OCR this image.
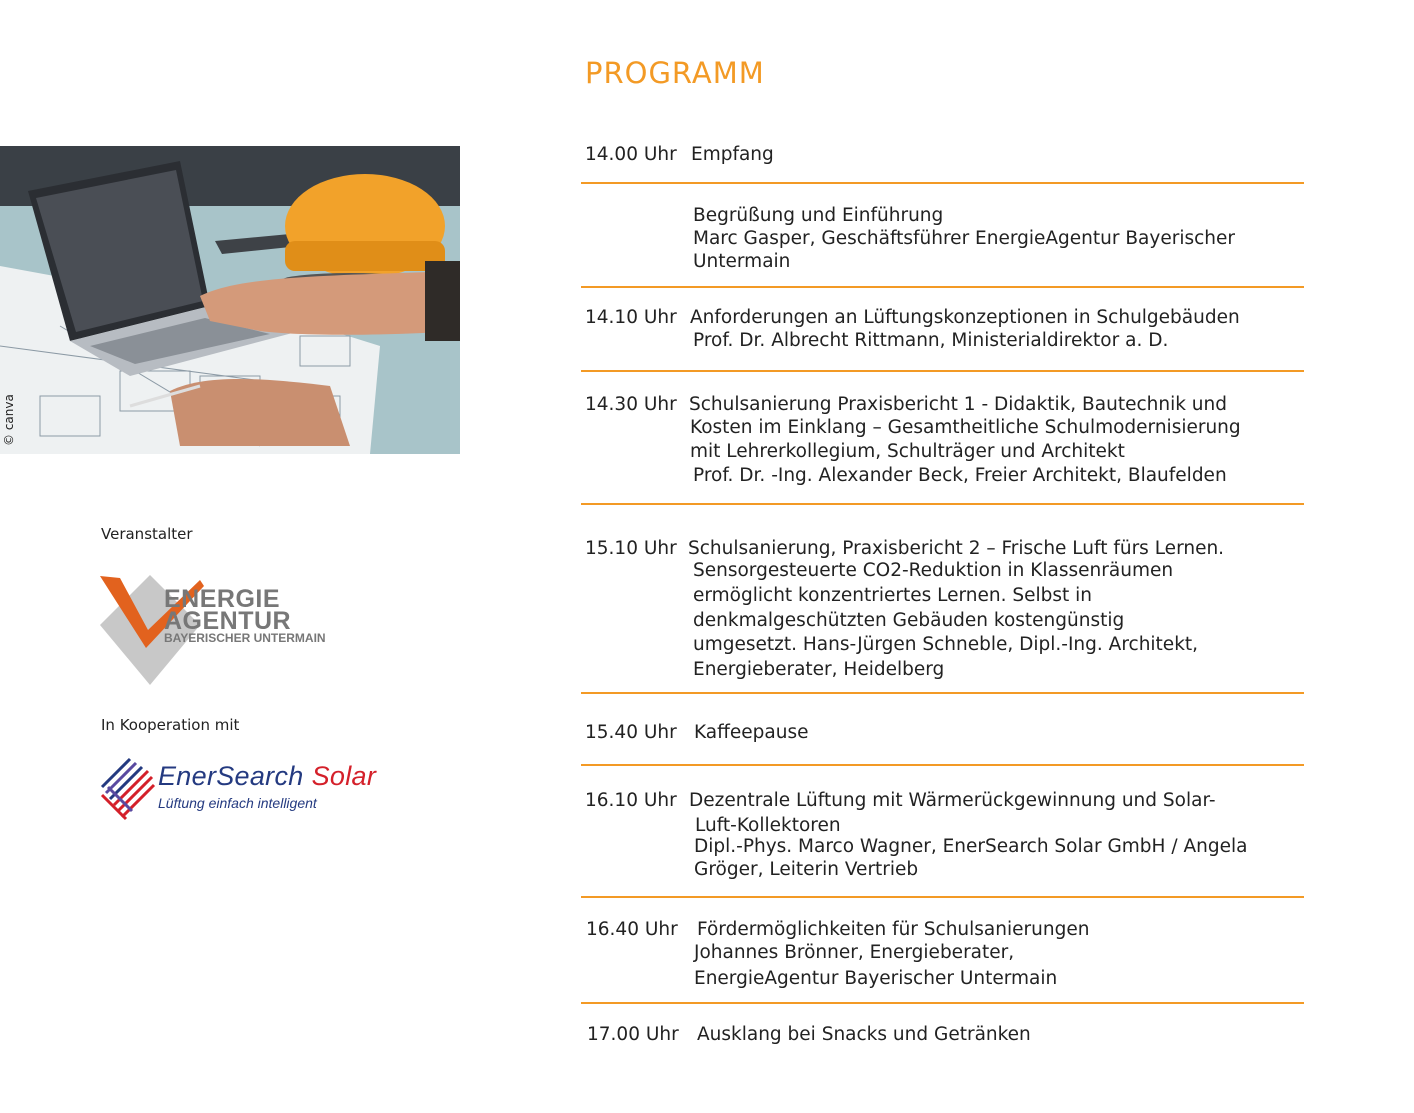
© canva
Veranstalter
ENERGIE
AGENTUR
BAYERISCHER UNTERMAIN
In Kooperation mit
EnerSearch Solar
Lüftung einfach intelligent
PROGRAMM
14.00 Uhr Empfang
Begrüßung und Einführung
Marc Gasper, Geschäftsführer EnergieAgentur Bayerischer
Untermain
14.10 Uhr Anforderungen an Lüftungskonzeptionen in Schulgebäuden
Prof. Dr. Albrecht Rittmann, Ministerialdirektor a. D.
14.30 Uhr Schulsanierung Praxisbericht 1 - Didaktik, Bautechnik und
Kosten im Einklang – Gesamtheitliche Schulmodernisierung
mit Lehrerkollegium, Schulträger und Architekt
Prof. Dr. -Ing. Alexander Beck, Freier Architekt, Blaufelden
15.10 Uhr Schulsanierung, Praxisbericht 2 – Frische Luft fürs Lernen.
Sensorgesteuerte CO2-Reduktion in Klassenräumen
ermöglicht konzentriertes Lernen. Selbst in
denkmalgeschützten Gebäuden kostengünstig
umgesetzt. Hans-Jürgen Schneble, Dipl.-Ing. Architekt,
Energieberater, Heidelberg
15.40 Uhr Kaffeepause
16.10 Uhr Dezentrale Lüftung mit Wärmerückgewinnung und Solar-
Luft-Kollektoren
Dipl.-Phys. Marco Wagner, EnerSearch Solar GmbH / Angela
Gröger, Leiterin Vertrieb
16.40 Uhr Fördermöglichkeiten für Schulsanierungen
Johannes Brönner, Energieberater,
EnergieAgentur Bayerischer Untermain
17.00 Uhr Ausklang bei Snacks und Getränken
